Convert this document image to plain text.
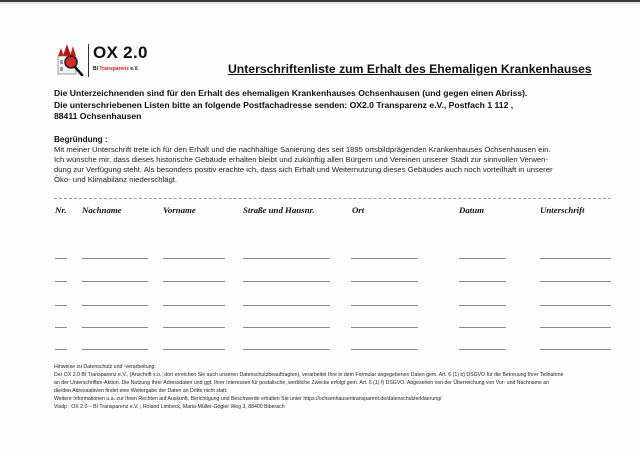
OX 2.0
BI Transparenz e.V.	Unterschriftenliste zum Erhalt des Ehemaligen Krankenhauses
Die Unterzeichnenden sind für den Erhalt des ehemaligen Krankenhauses Ochsenhausen (und gegen einen Abriss).
Die unterschriebenen Listen bitte an folgende Postfachadresse senden: OX2.0 Transparenz e.V., Postfach 1 112 ,
88411 Ochsenhausen
Begründung :
Mit meiner Unterschrift trete ich für den Erhalt und die nachhaltige Sanierung des seit 1895 ortsbildprägenden Krankenhauses Ochsenhausen ein.
Ich wünsche mir, dass dieses historische Gebäude erhalten bleibt und zukünftig allen Bürgern und Vereinen unserer Stadt zur sinnvollen Verwen-
dung zur Verfügung steht. Als besonders positiv erachte ich, dass sich Erhalt und Weiternutzung dieses Gebäudes auch noch vorteilhaft in unserer
Öko- und Klimabilanz niederschlägt.
Nr. Nachname	Vorname	Straße und Hausnr.	Ort	Datum	Unterschrift
Hinweise zu Datenschutz und -verarbeitung:
Der OX 2.0 BI Transparenz e.V., (Anschrift s.o.; dort erreichen Sie auch unseren Datenschutzbeauftragten), verarbeitet Ihre in dem Formular angegebenen Daten gem. Art. 6 (1) b) DSGVO für die Betreuung Ihrer Teilnahme
an der Unterschriften-Aktion. Die Nutzung Ihrer Adressdaten und ggf. Ihrer Interessen für postalische, werbliche Zwecke erfolgt gem. Art. 6 (1) f) DSGVO. Abgesehen von der Überreichung von Vor- und Nachname an
die/den Adressatin/en findet eine Weitergabe der Daten an Dritte nicht statt.
Weitere Informationen u.a. zur Ihren Rechten auf Auskunft, Berichtigung und Beschwerde erhalten Sie unter https://ochsenhausentransparent.de/datenschutzerklaerung/
Visdp : OX 2.0 – BI Transparenz e.V. , Roland Limbeck, Maria-Müller-Gögler Weg 3, 88400 Biberach
